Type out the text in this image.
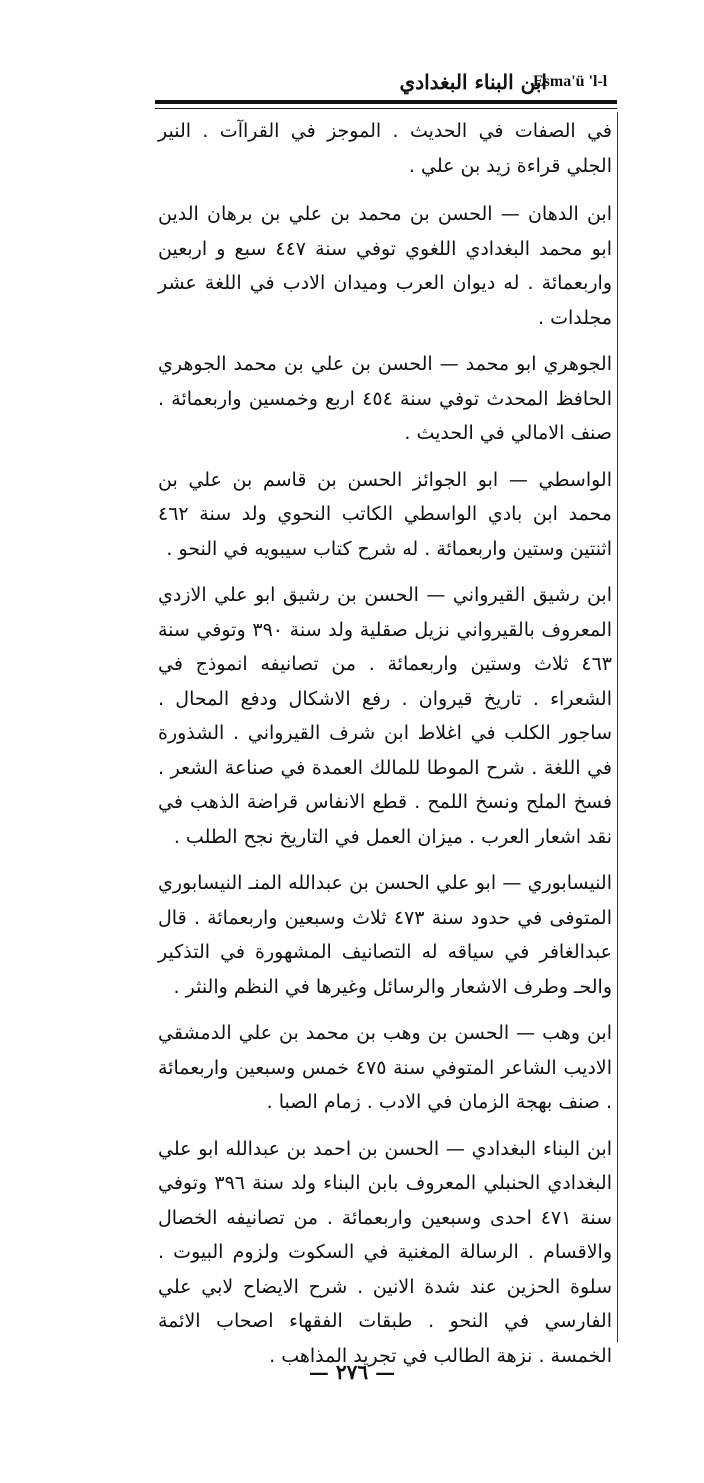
Esma'ü 'l-l
ابن البناء البغدادي

في الصفات في الحديث . الموجز في القراآت . النير الجلي قراءة زيد بن علي .

ابن الدهان — الحسن بن محمد بن علي بن برهان الدين ابو محمد البغدادي اللغوي توفي سنة ٤٤٧ سبع و اربعين واربعمائة . له ديوان العرب وميدان الادب في اللغة عشر مجلدات .

الجوهري ابو محمد — الحسن بن علي بن محمد الجوهري الحافظ المحدث توفي سنة ٤٥٤ اربع وخمسين واربعمائة . صنف الامالي في الحديث .

الواسطي — ابو الجوائز الحسن بن قاسم بن علي بن محمد ابن بادي الواسطي الكاتب النحوي ولد سنة ٤٦٢ اثنتين وستين واربعمائة . له شرح كتاب سيبويه في النحو .

ابن رشيق القيرواني — الحسن بن رشيق ابو علي الازدي المعروف بالقيرواني نزيل صقلية ولد سنة ٣٩٠ وتوفي سنة ٤٦٣ ثلاث وستين واربعمائة . من تصانيفه انموذج في الشعراء . تاريخ قيروان . رفع الاشكال ودفع المحال . ساجور الكلب في اغلاط ابن شرف القيرواني . الشذورة في اللغة . شرح الموطا للمالك العمدة في صناعة الشعر . فسخ الملح ونسخ اللمح . قطع الانفاس قراضة الذهب في نقد اشعار العرب . ميزان العمل في التاريخ نجح الطلب .

النيسابوري — ابو علي الحسن بن عبدالله المنـ النيسابوري المتوفى في حدود سنة ٤٧٣ ثلاث وسبعين واربعمائة . قال عبدالغافر في سياقه له التصانيف المشهورة في التذكير والحـ وطرف الاشعار والرسائل وغيرها في النظم والنثر .

ابن وهب — الحسن بن وهب بن محمد بن علي الدمشقي الاديب الشاعر المتوفي سنة ٤٧٥ خمس وسبعين واربعمائة . صنف بهجة الزمان في الادب . زمام الصبا .

ابن البناء البغدادي — الحسن بن احمد بن عبدالله ابو علي البغدادي الحنبلي المعروف بابن البناء ولد سنة ٣٩٦ وتوفي سنة ٤٧١ احدى وسبعين واربعمائة . من تصانيفه الخصال والاقسام . الرسالة المغنية في السكوت ولزوم البيوت . سلوة الحزين عند شدة الانين . شرح الايضاح لابي علي الفارسي في النحو . طبقات الفقهاء اصحاب الائمة الخمسة . نزهة الطالب في تجريد المذاهب .

— ٢٧٦ —
